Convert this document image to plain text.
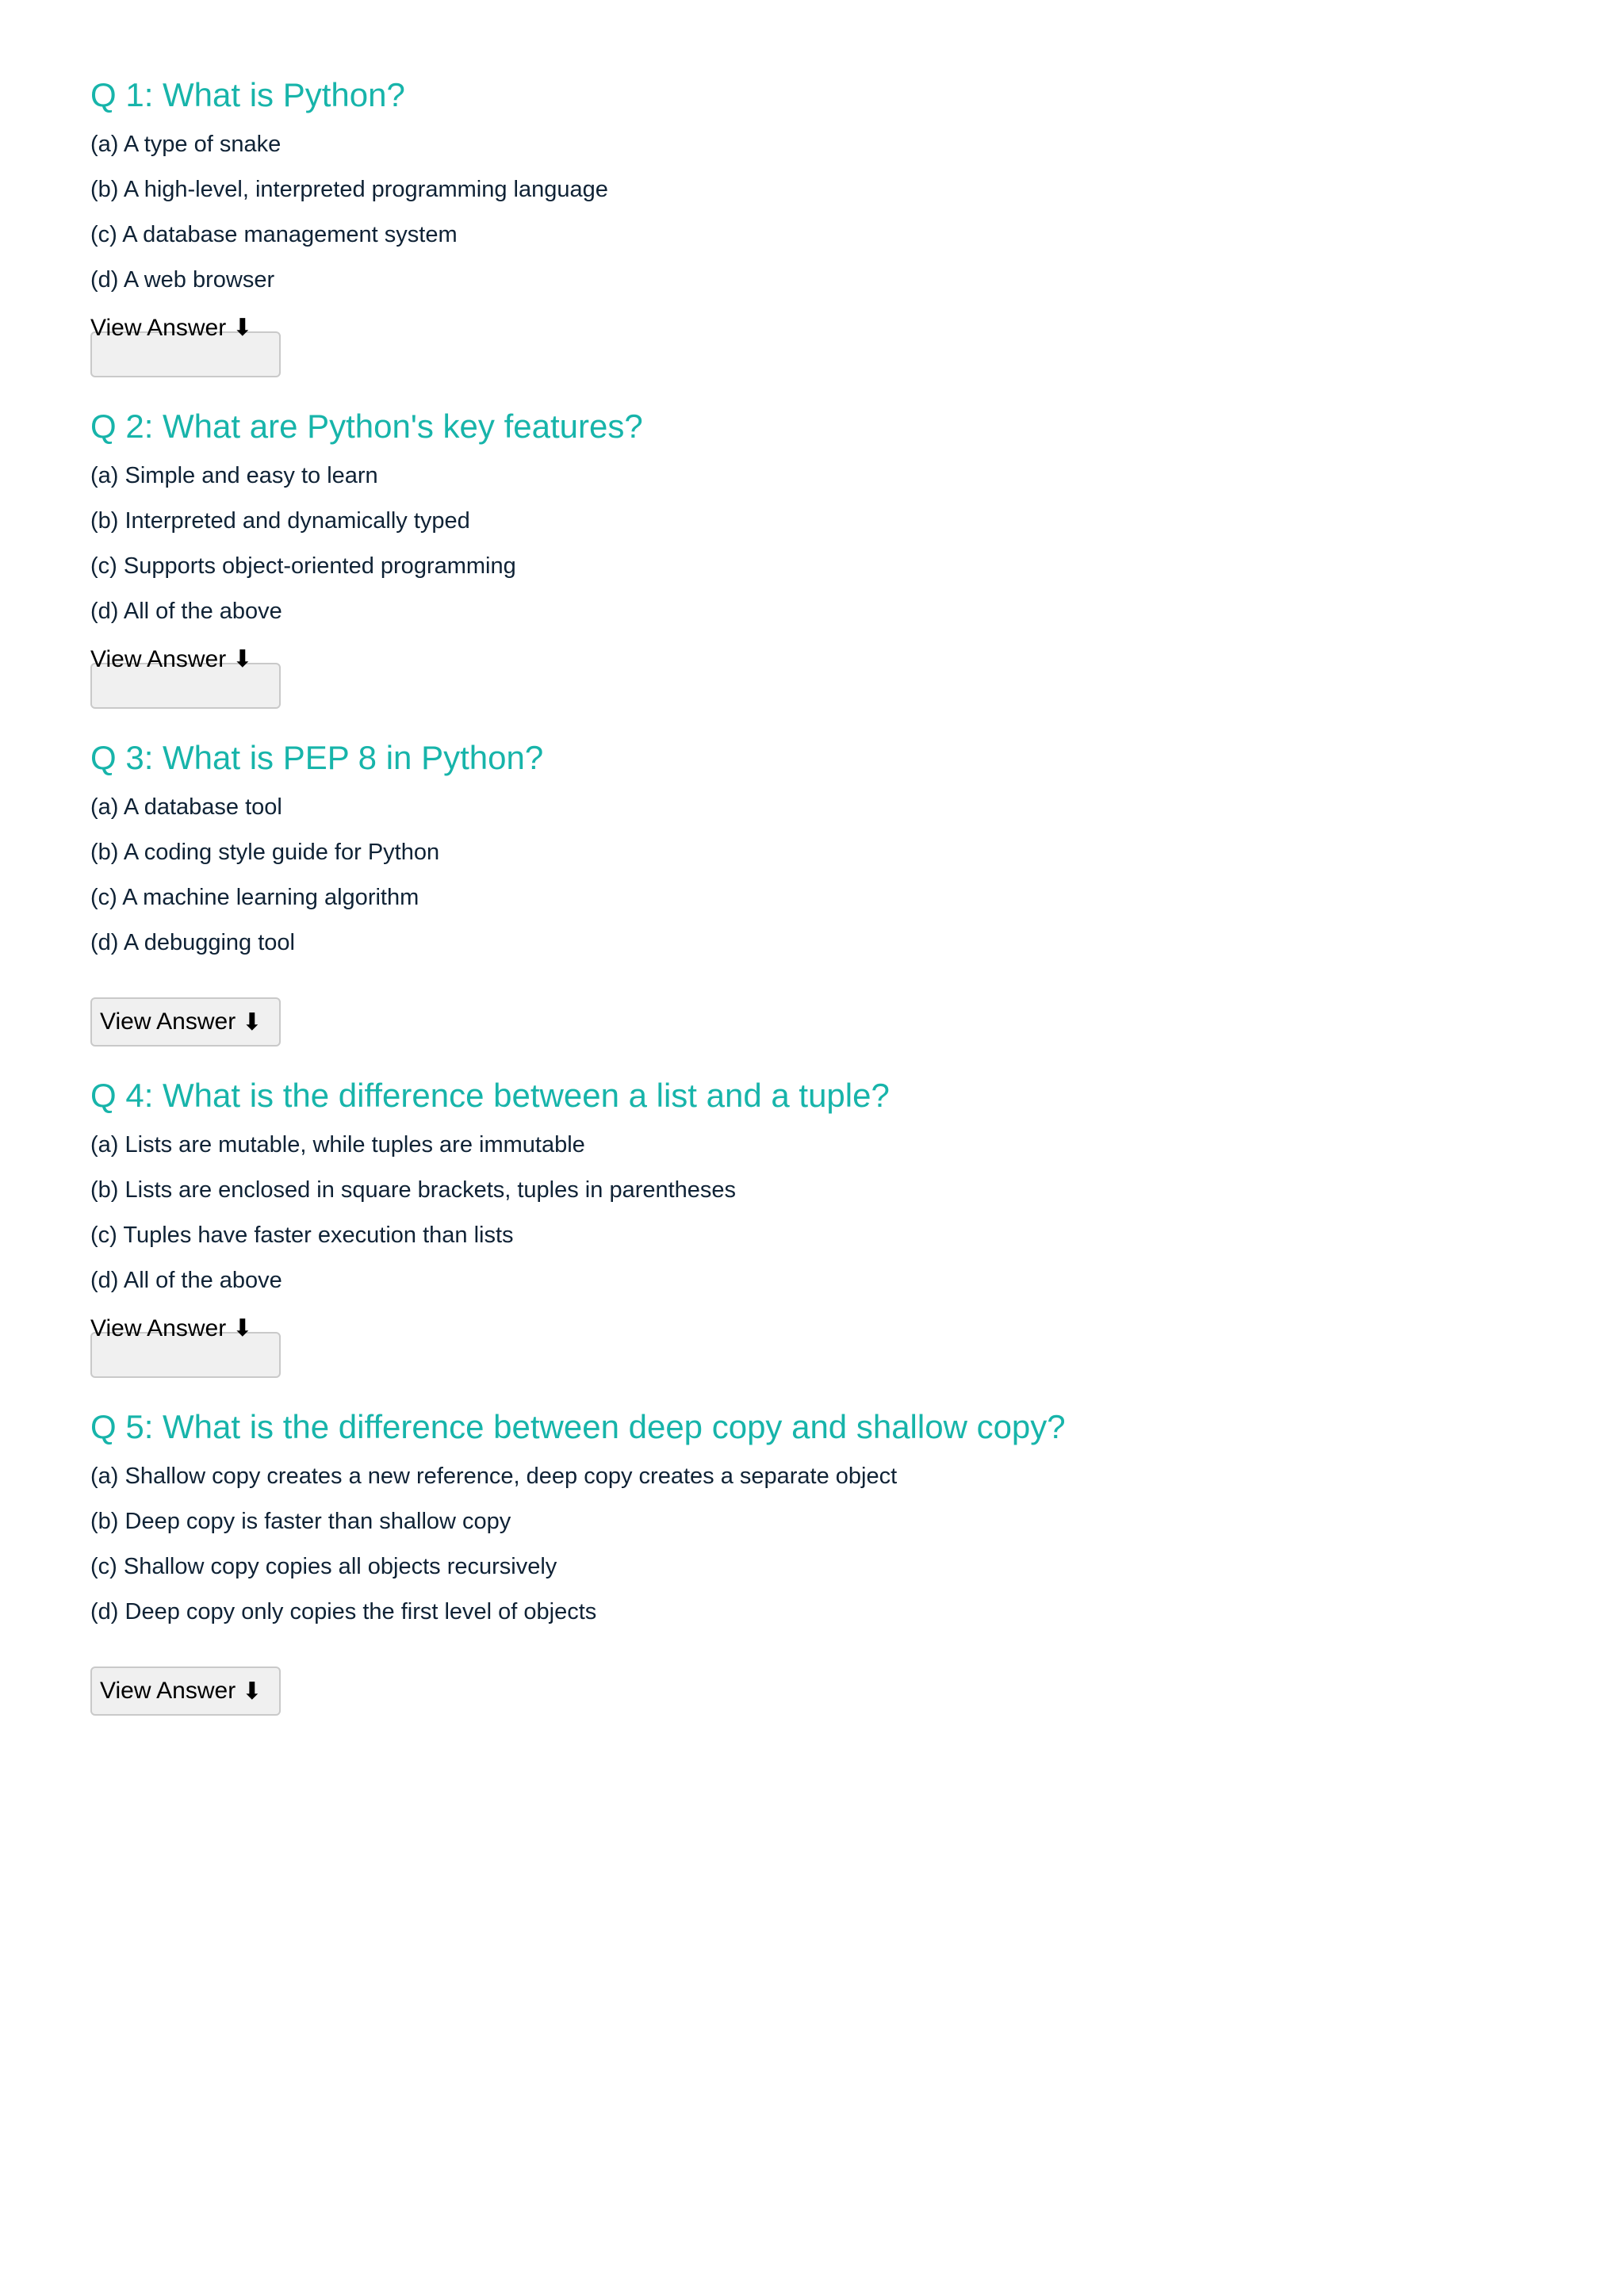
Q 1: What is Python?
(a) A type of snake
(b) A high-level, interpreted programming language
(c) A database management system
(d) A web browser
View Answer ⬇
Q 2: What are Python's key features?
(a) Simple and easy to learn
(b) Interpreted and dynamically typed
(c) Supports object-oriented programming
(d) All of the above
View Answer ⬇
Q 3: What is PEP 8 in Python?
(a) A database tool
(b) A coding style guide for Python
(c) A machine learning algorithm
(d) A debugging tool
View Answer ⬇
Q 4: What is the difference between a list and a tuple?
(a) Lists are mutable, while tuples are immutable
(b) Lists are enclosed in square brackets, tuples in parentheses
(c) Tuples have faster execution than lists
(d) All of the above
View Answer ⬇
Q 5: What is the difference between deep copy and shallow copy?
(a) Shallow copy creates a new reference, deep copy creates a separate object
(b) Deep copy is faster than shallow copy
(c) Shallow copy copies all objects recursively
(d) Deep copy only copies the first level of objects
View Answer ⬇
